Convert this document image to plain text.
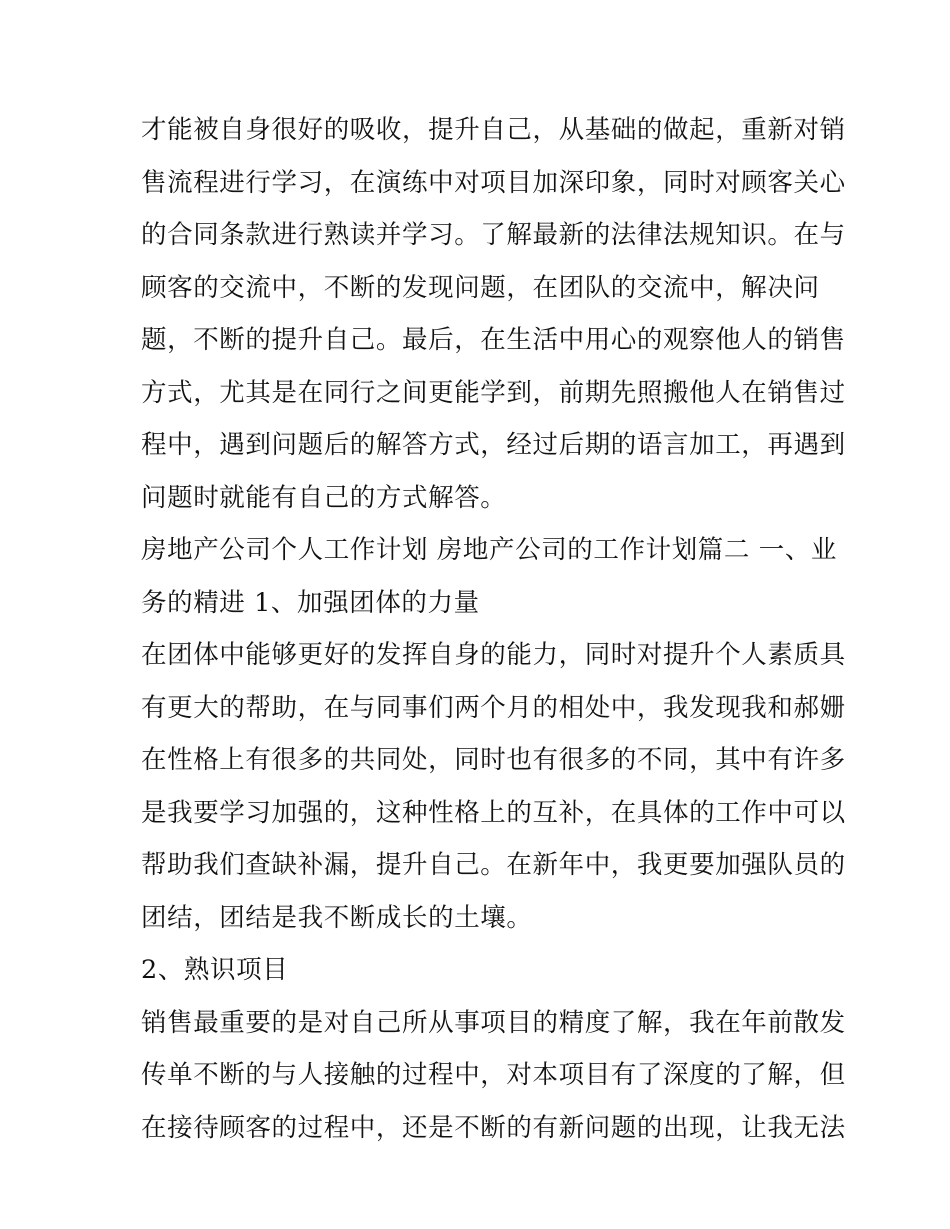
才能被自身很好的吸收，提升自己，从基础的做起，重新对销
售流程进行学习，在演练中对项目加深印象，同时对顾客关心
的合同条款进行熟读并学习。了解最新的法律法规知识。在与
顾客的交流中，不断的发现问题，在团队的交流中，解决问
题，不断的提升自己。最后，在生活中用心的观察他人的销售
方式，尤其是在同行之间更能学到，前期先照搬他人在销售过
程中，遇到问题后的解答方式，经过后期的语言加工，再遇到
问题时就能有自己的方式解答。
房地产公司个人工作计划 房地产公司的工作计划篇二 一、业
务的精进 1、加强团体的力量
在团体中能够更好的发挥自身的能力，同时对提升个人素质具
有更大的帮助，在与同事们两个月的相处中，我发现我和郝姗
在性格上有很多的共同处，同时也有很多的不同，其中有许多
是我要学习加强的，这种性格上的互补，在具体的工作中可以
帮助我们查缺补漏，提升自己。在新年中，我更要加强队员的
团结，团结是我不断成长的土壤。
2、熟识项目
销售最重要的是对自己所从事项目的精度了解，我在年前散发
传单不断的与人接触的过程中，对本项目有了深度的了解，但
在接待顾客的过程中，还是不断的有新问题的出现，让我无法
